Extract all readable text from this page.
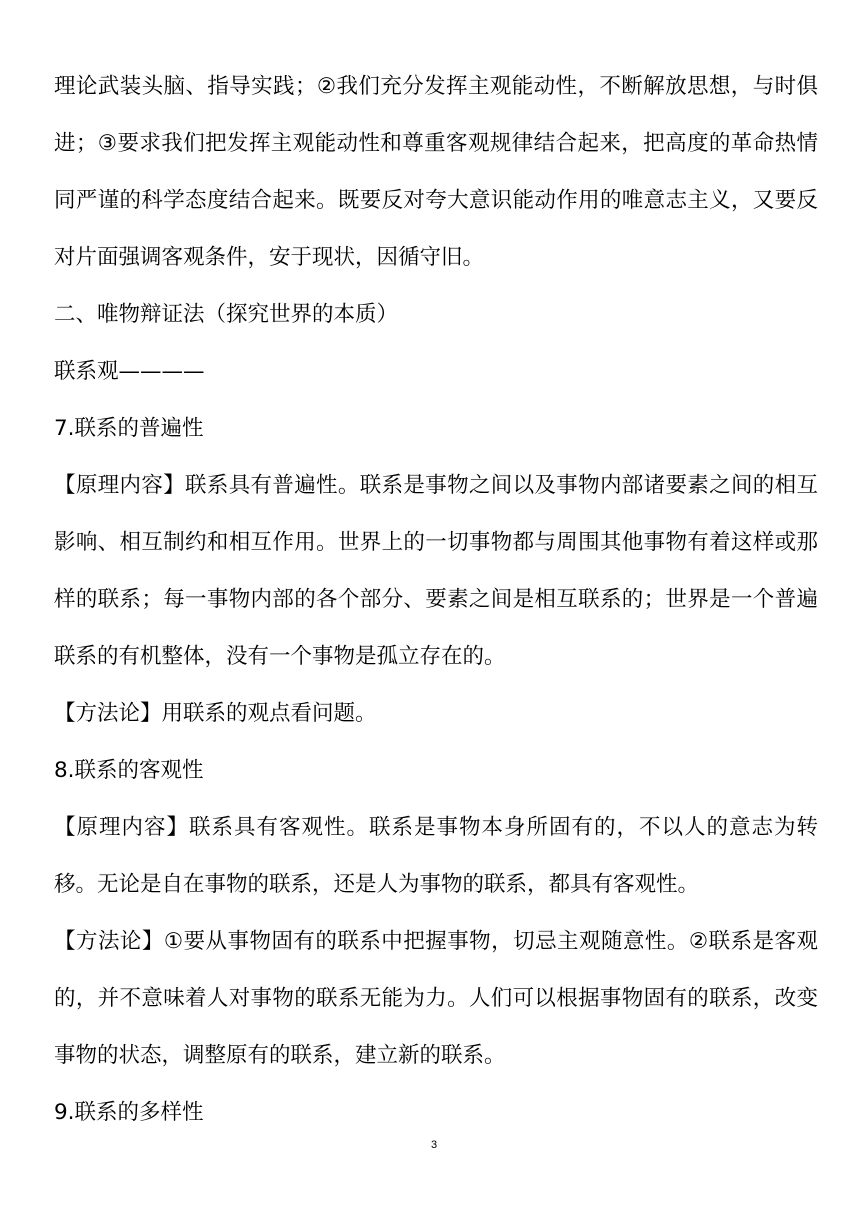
理论武装头脑、指导实践；②我们充分发挥主观能动性，不断解放思想，与时俱进；③要求我们把发挥主观能动性和尊重客观规律结合起来，把高度的革命热情同严谨的科学态度结合起来。既要反对夸大意识能动作用的唯意志主义，又要反对片面强调客观条件，安于现状，因循守旧。

二、唯物辩证法（探究世界的本质）

联系观————

7.联系的普遍性

【原理内容】联系具有普遍性。联系是事物之间以及事物内部诸要素之间的相互影响、相互制约和相互作用。世界上的一切事物都与周围其他事物有着这样或那样的联系；每一事物内部的各个部分、要素之间是相互联系的；世界是一个普遍联系的有机整体，没有一个事物是孤立存在的。

【方法论】用联系的观点看问题。

8.联系的客观性

【原理内容】联系具有客观性。联系是事物本身所固有的，不以人的意志为转移。无论是自在事物的联系，还是人为事物的联系，都具有客观性。

【方法论】①要从事物固有的联系中把握事物，切忌主观随意性。②联系是客观的，并不意味着人对事物的联系无能为力。人们可以根据事物固有的联系，改变事物的状态，调整原有的联系，建立新的联系。

9.联系的多样性

3
